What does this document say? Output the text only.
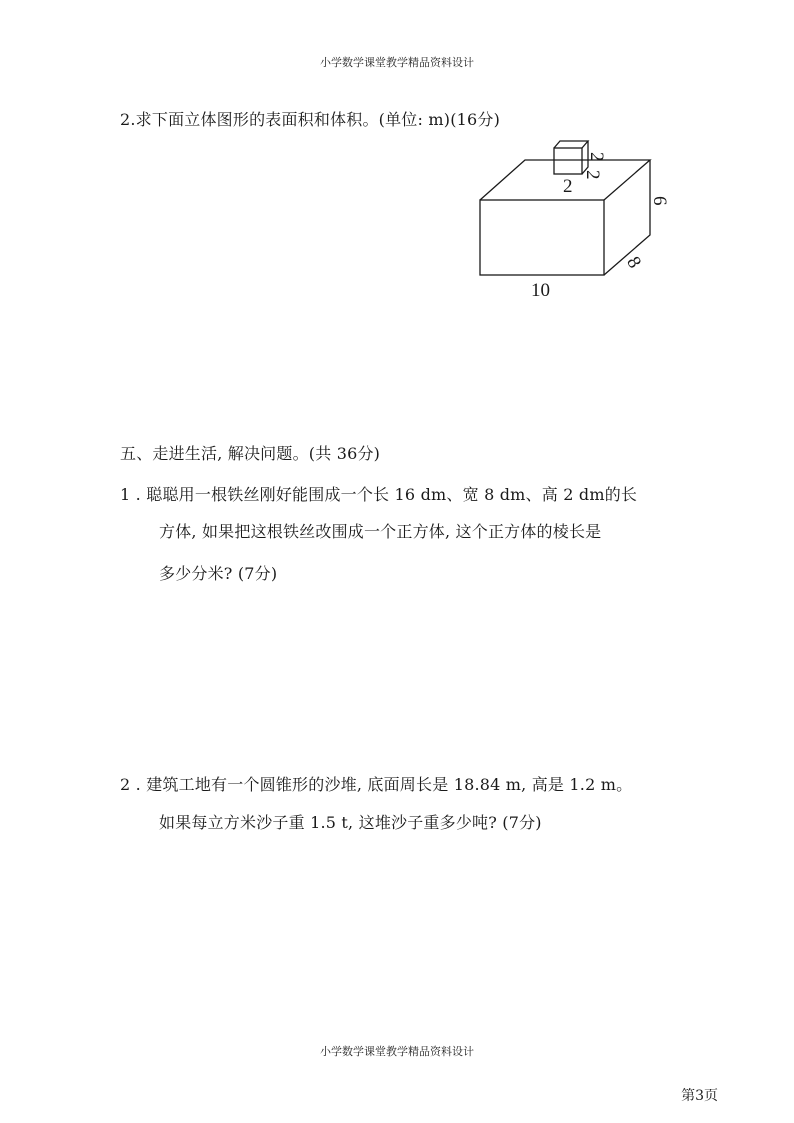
小学数学课堂教学精品资料设计
2.求下面立体图形的表面积和体积。(单位: m)(16分)
2
2
2
6
8
10
五、走进生活, 解决问题。(共 36分)
1 . 聪聪用一根铁丝刚好能围成一个长 16 dm、宽 8 dm、高 2 dm的长
方体, 如果把这根铁丝改围成一个正方体, 这个正方体的棱长是
多少分米? (7分)
2 . 建筑工地有一个圆锥形的沙堆, 底面周长是 18.84 m, 高是 1.2 m。
如果每立方米沙子重 1.5 t, 这堆沙子重多少吨? (7分)
小学数学课堂教学精品资料设计
第3页
